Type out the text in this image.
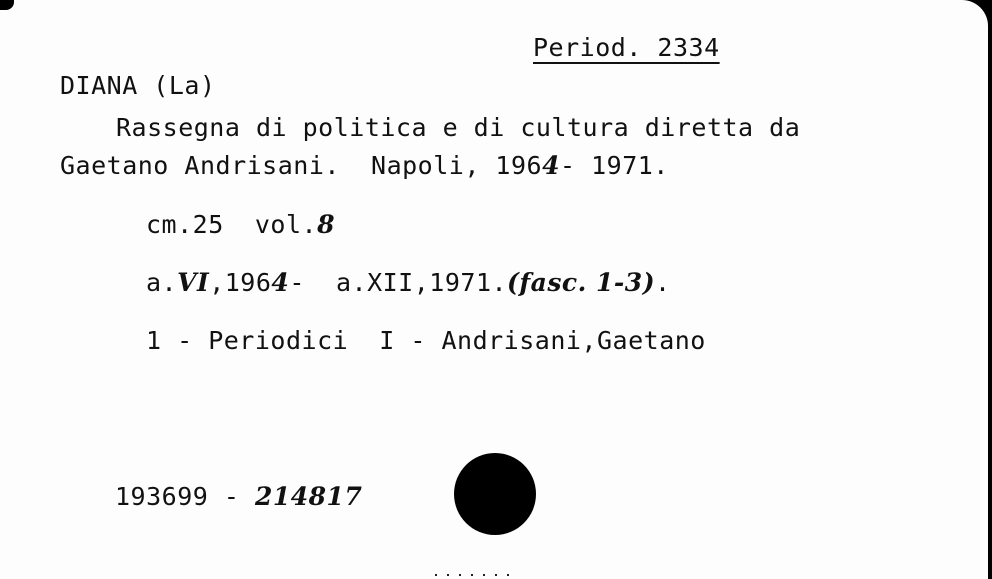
Period. 2334
DIANA (La)
Rassegna di politica e di cultura diretta da
Gaetano Andrisani.  Napoli, 1964- 1971.
cm.25  vol.8
a.VI,1964-  a.XII,1971.(fasc. 1-3).
1 - Periodici  I - Andrisani,Gaetano
193699 - 214817
